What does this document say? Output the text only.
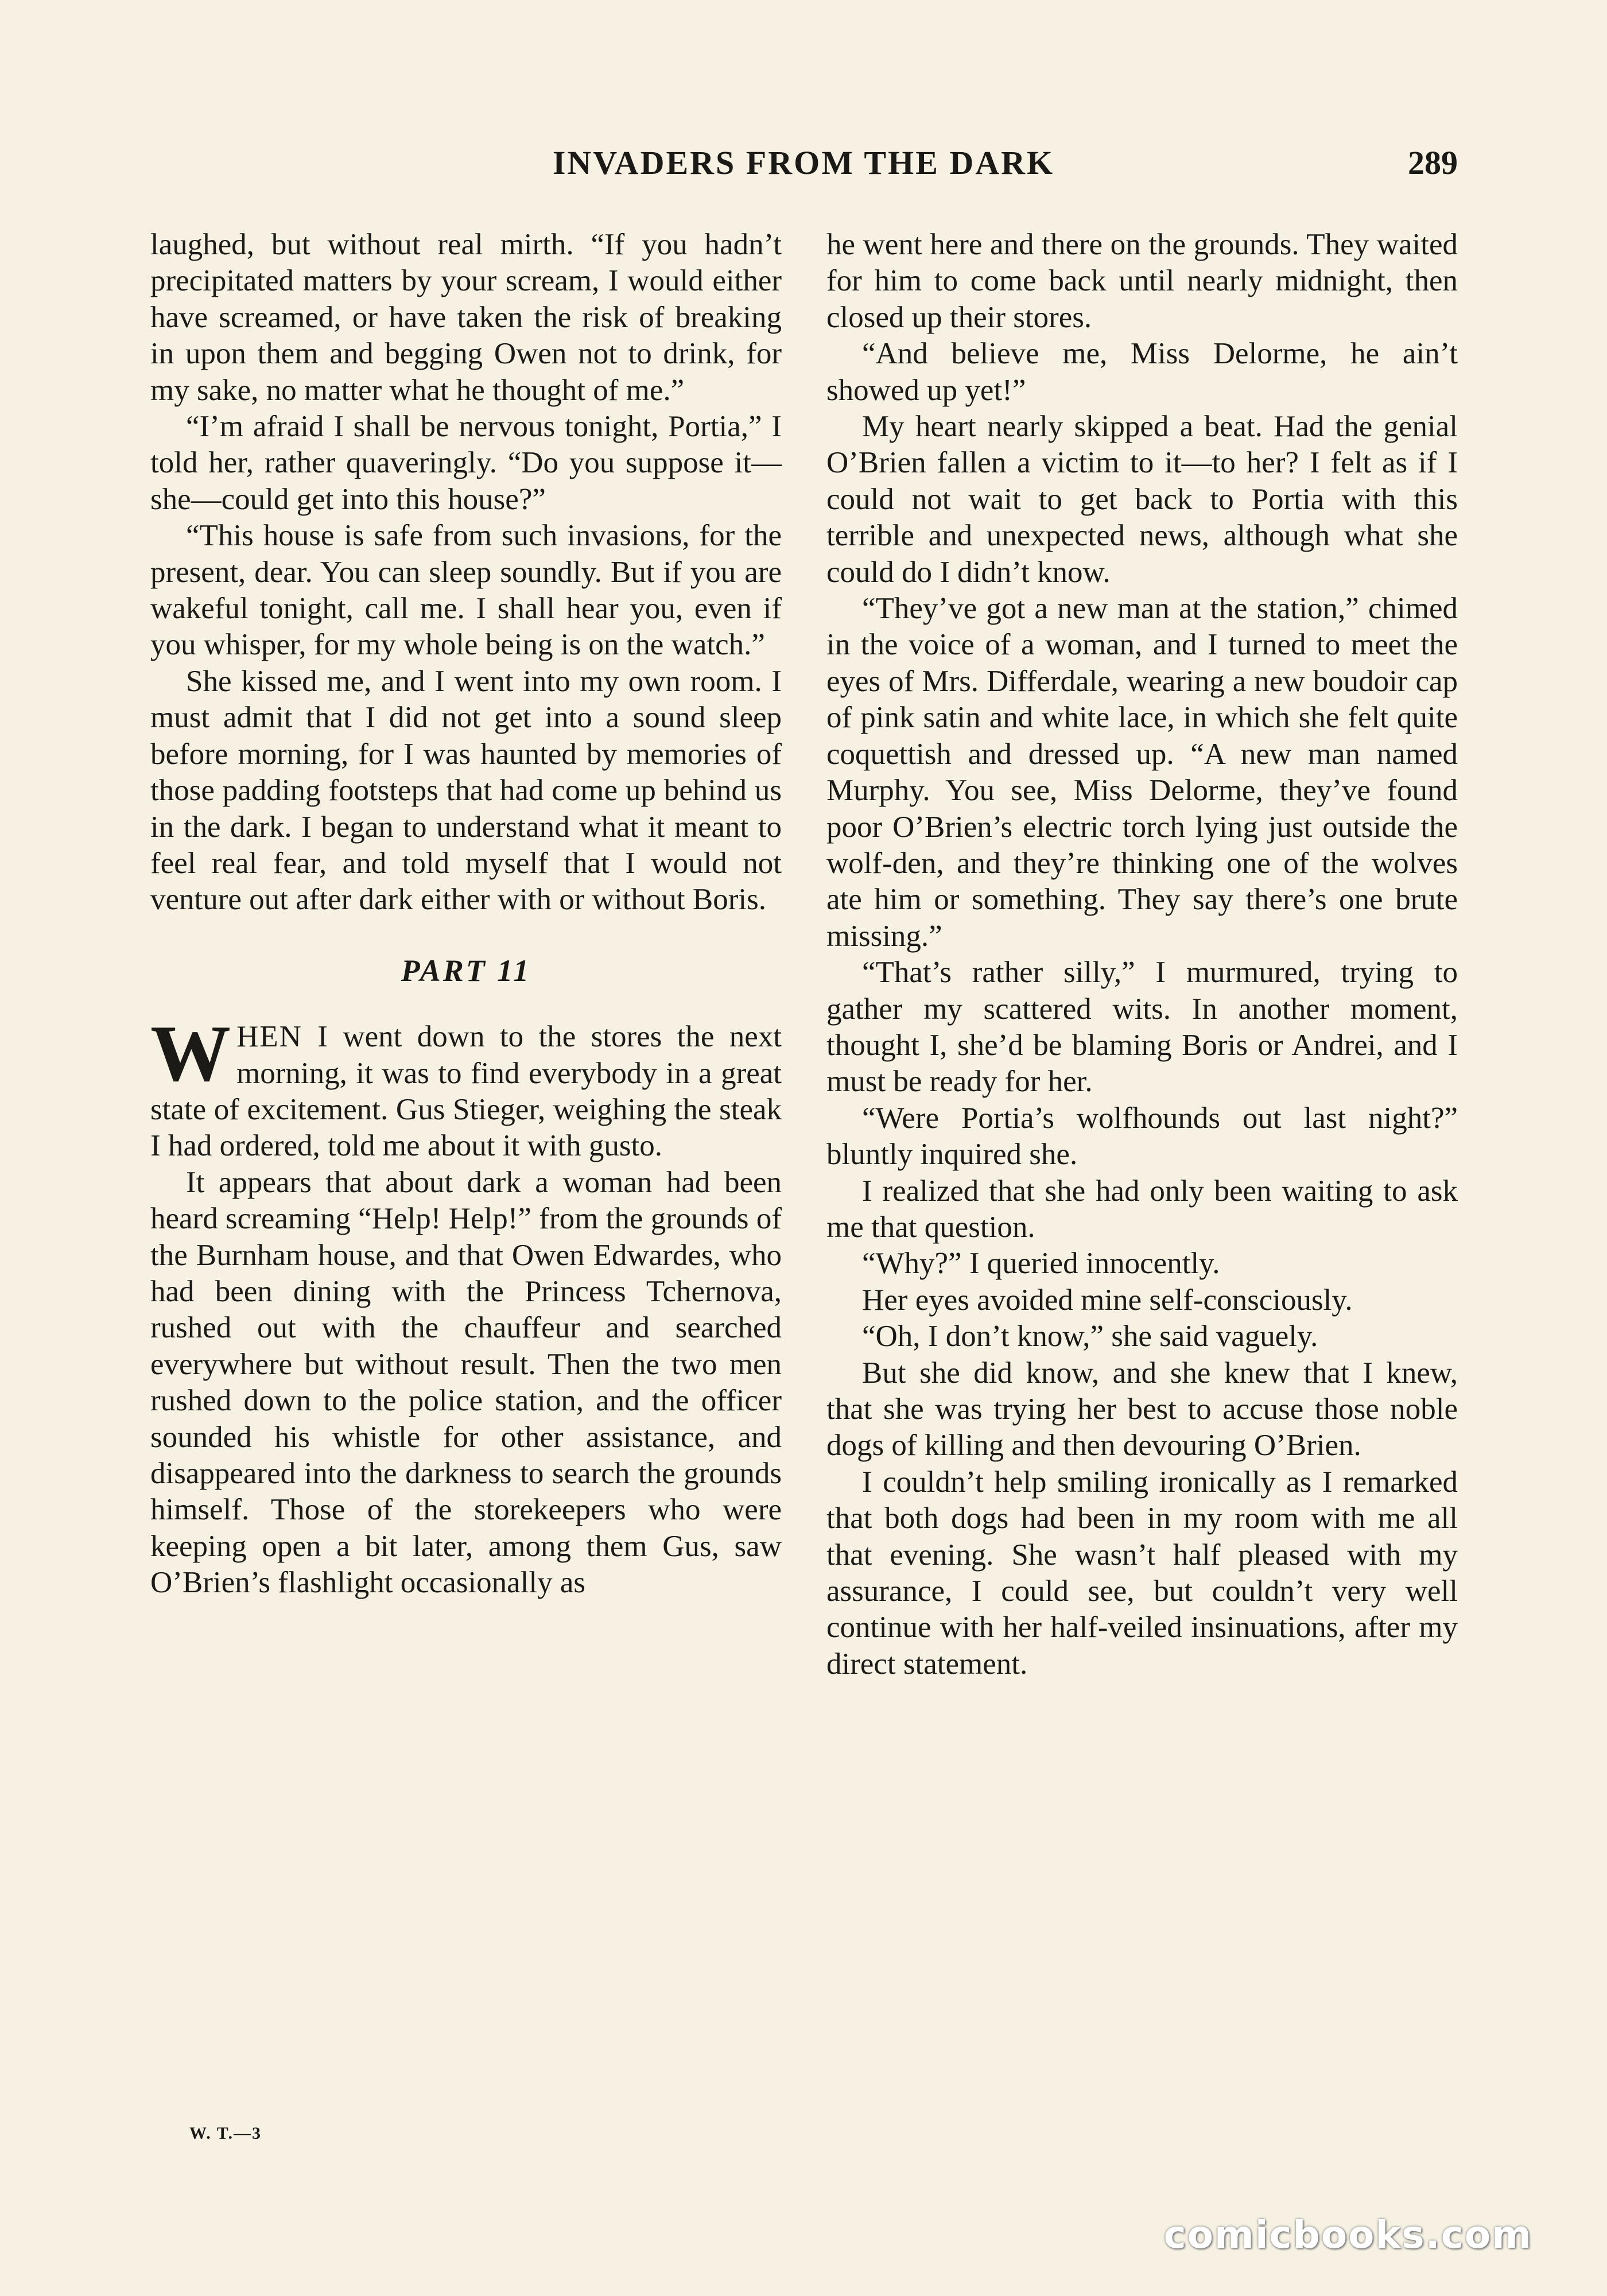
INVADERS FROM THE DARK	289

laughed, but without real mirth. “If you hadn’t precipitated matters by your scream, I would either have screamed, or have taken the risk of breaking in upon them and begging Owen not to drink, for my sake, no matter what he thought of me.”

“I’m afraid I shall be nervous tonight, Portia,” I told her, rather quaveringly. “Do you suppose it—she—could get into this house?”

“This house is safe from such invasions, for the present, dear. You can sleep soundly. But if you are wakeful tonight, call me. I shall hear you, even if you whisper, for my whole being is on the watch.”

She kissed me, and I went into my own room. I must admit that I did not get into a sound sleep before morning, for I was haunted by memories of those padding footsteps that had come up behind us in the dark. I began to understand what it meant to feel real fear, and told myself that I would not venture out after dark either with or without Boris.

PART 11

WHEN I went down to the stores the next morning, it was to find everybody in a great state of excitement. Gus Stieger, weighing the steak I had ordered, told me about it with gusto.

It appears that about dark a woman had been heard screaming “Help! Help!” from the grounds of the Burnham house, and that Owen Edwardes, who had been dining with the Princess Tchernova, rushed out with the chauffeur and searched everywhere but without result. Then the two men rushed down to the police station, and the officer sounded his whistle for other assistance, and disappeared into the darkness to search the grounds himself. Those of the storekeepers who were keeping open a bit later, among them Gus, saw O’Brien’s flashlight occasionally as

he went here and there on the grounds. They waited for him to come back until nearly midnight, then closed up their stores.

“And believe me, Miss Delorme, he ain’t showed up yet!”

My heart nearly skipped a beat. Had the genial O’Brien fallen a victim to it—to her? I felt as if I could not wait to get back to Portia with this terrible and unexpected news, although what she could do I didn’t know.

“They’ve got a new man at the station,” chimed in the voice of a woman, and I turned to meet the eyes of Mrs. Differdale, wearing a new boudoir cap of pink satin and white lace, in which she felt quite coquettish and dressed up. “A new man named Murphy. You see, Miss Delorme, they’ve found poor O’Brien’s electric torch lying just outside the wolf-den, and they’re thinking one of the wolves ate him or something. They say there’s one brute missing.”

“That’s rather silly,” I murmured, trying to gather my scattered wits. In another moment, thought I, she’d be blaming Boris or Andrei, and I must be ready for her.

“Were Portia’s wolfhounds out last night?” bluntly inquired she.

I realized that she had only been waiting to ask me that question.

“Why?” I queried innocently.

Her eyes avoided mine self-consciously.

“Oh, I don’t know,” she said vaguely.

But she did know, and she knew that I knew, that she was trying her best to accuse those noble dogs of killing and then devouring O’Brien.

I couldn’t help smiling ironically as I remarked that both dogs had been in my room with me all that evening. She wasn’t half pleased with my assurance, I could see, but couldn’t very well continue with her half-veiled insinuations, after my direct statement.

W. T.—3
comicbooks.com
